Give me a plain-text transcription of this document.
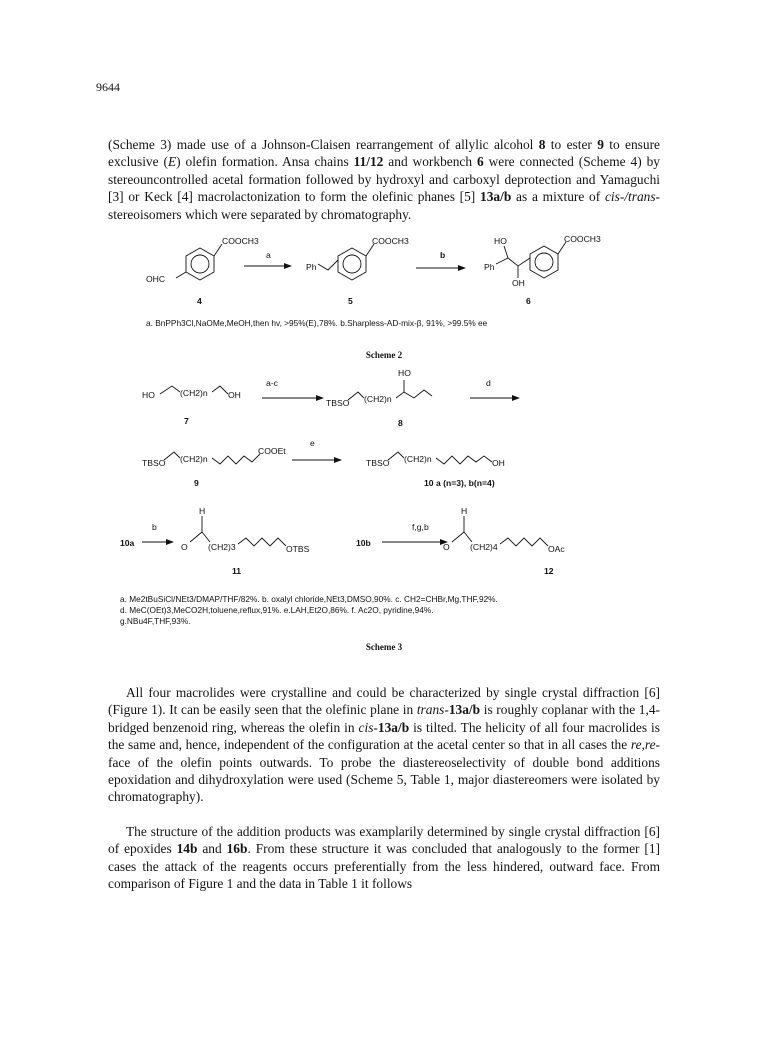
9644

(Scheme 3) made use of a Johnson-Claisen rearrangement of allylic alcohol 8 to ester 9 to ensure exclusive (E) olefin formation. Ansa chains 11/12 and workbench 6 were connected (Scheme 4) by stereouncontrolled acetal formation followed by hydroxyl and carboxyl deprotection and Yamaguchi [3] or Keck [4] macrolactonization to form the olefinic phanes [5] 13a/b as a mixture of cis-/trans-stereoisomers which were separated by chromatography.

COOCH3
OHC
4
a
Ph
COOCH3
5
b
HO
Ph
OH
COOCH3
6
a. BnPPh3Cl,NaOMe,MeOH,then hv, >95%(E),78%. b.Sharpless-AD-mix-β, 91%, >99.5% ee
Scheme 2
HO	(CH2)n OH
7
a-c
TBSO (CH2)n
HO
8
d
TBSO (CH2)n
COOEt
9
e
TBSO (CH2)n	OH
10 a (n=3), b(n=4)
10a
b
H
O (CH2)3	OTBS
11
10b
f,g,b
H
O (CH2)4	OAc
12
a. Me2tBuSiCl/NEt3/DMAP/THF/82%. b. oxalyl chloride,NEt3,DMSO,90%. c. CH2=CHBr,Mg,THF,92%.
d. MeC(OEt)3,MeCO2H,toluene,reflux,91%. e.LAH,Et2O,86%. f. Ac2O, pyridine,94%.
g.NBu4F,THF,93%.
Scheme 3

All four macrolides were crystalline and could be characterized by single crystal diffraction [6] (Figure 1). It can be easily seen that the olefinic plane in trans-13a/b is roughly coplanar with the 1,4-bridged benzenoid ring, whereas the olefin in cis-13a/b is tilted. The helicity of all four macrolides is the same and, hence, independent of the configuration at the acetal center so that in all cases the re,re-face of the olefin points outwards. To probe the diastereoselectivity of double bond additions epoxidation and dihydroxylation were used (Scheme 5, Table 1, major diastereomers were isolated by chromatography).

The structure of the addition products was examplarily determined by single crystal diffraction [6] of epoxides 14b and 16b. From these structure it was concluded that analogously to the former [1] cases the attack of the reagents occurs preferentially from the less hindered, outward face. From comparison of Figure 1 and the data in Table 1 it follows
